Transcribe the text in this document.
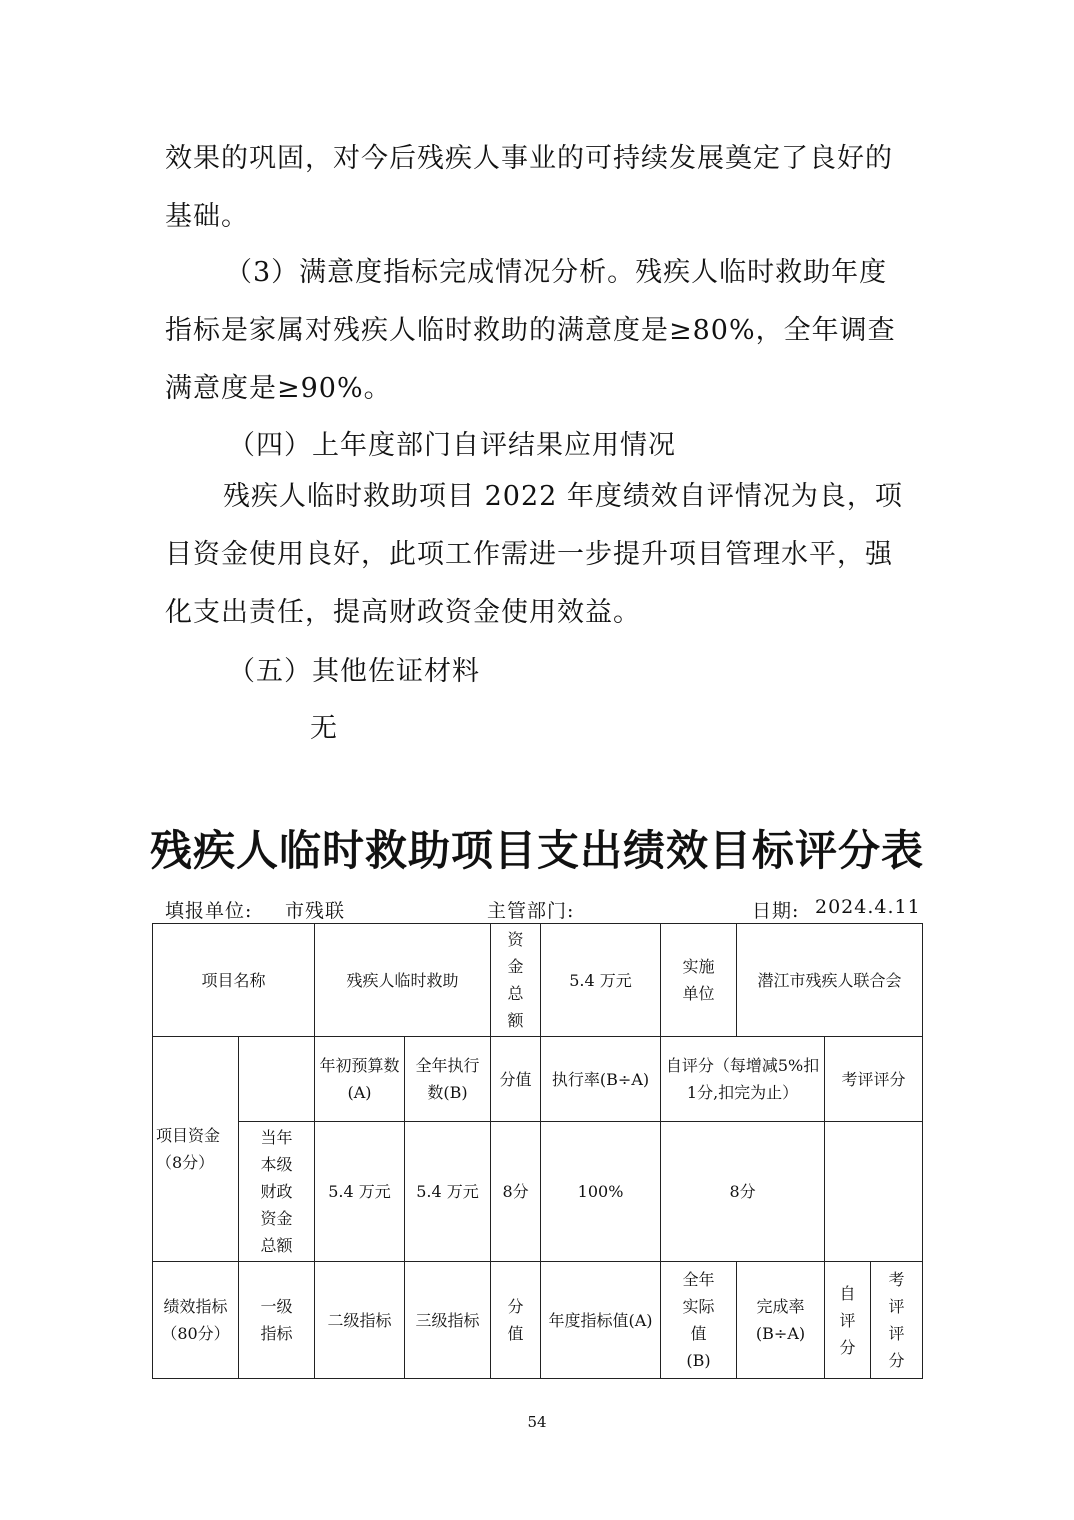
效果的巩固，对今后残疾人事业的可持续发展奠定了良好的基础。

（3）满意度指标完成情况分析。残疾人临时救助年度指标是家属对残疾人临时救助的满意度是≥80%，全年调查满意度是≥90%。

（四）上年度部门自评结果应用情况

残疾人临时救助项目 2022 年度绩效自评情况为良，项目资金使用良好，此项工作需进一步提升项目管理水平，强化支出责任，提高财政资金使用效益。

（五）其他佐证材料

无

残疾人临时救助项目支出绩效目标评分表
填报单位: 市残联	主管部门:	日期: 2024.4.11
项目名称		残疾人临时救助		资金总额	5.4 万元	实施单位	潜江市残疾人联合会		
项目资金（8分）		年初预算数(A)	全年执行数(B)	分值	执行率(B÷A)	自评分（每增减5%扣1分,扣完为止）		考评评分	

	当年本级财政资金总额	5.4 万元	5.4 万元	8分	100%	8分			
绩效指标（80分）	一级指标	二级指标	三级指标	分值	年度指标值(A)	全年实际值(B)	完成率(B÷A)	自评分	考评评分
54
